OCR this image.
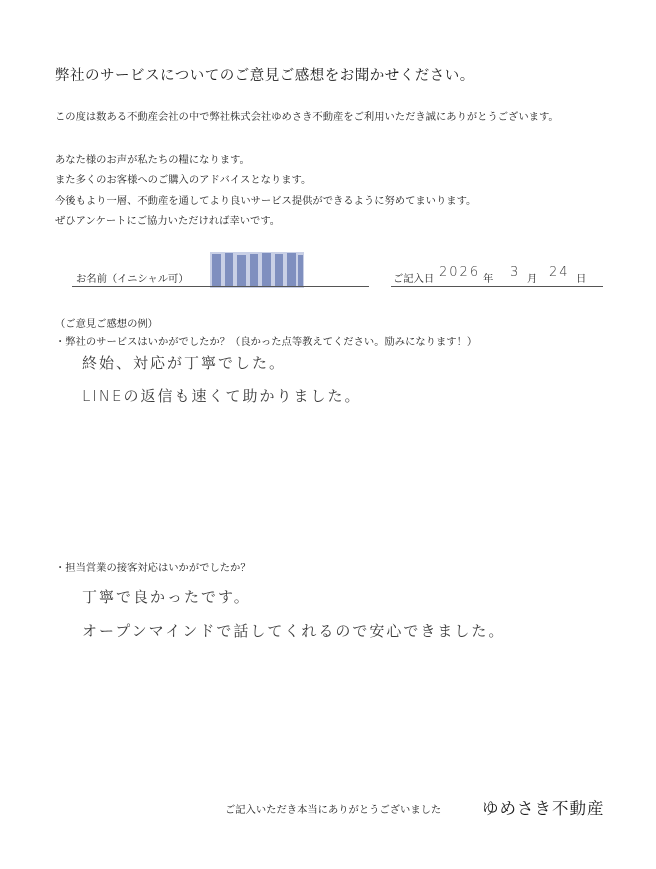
弊社のサービスについてのご意見ご感想をお聞かせください。
この度は数ある不動産会社の中で弊社株式会社ゆめさき不動産をご利用いただき誠にありがとうございます。
あなた様のお声が私たちの糧になります。
また多くのお客様へのご購入のアドバイスとなります。
今後もより一層、不動産を通してより良いサービス提供ができるように努めてまいります。
ぜひアンケートにご協力いただければ幸いです。
お名前（イニシャル可）	ご記入日 2026 年 3 月 24 日
（ご意見ご感想の例）
・弊社のサービスはいかがでしたか？（良かった点等教えてください。励みになります！）
終始、対応が丁寧でした。
LINEの返信も速くて助かりました。
・担当営業の接客対応はいかがでしたか？
丁寧で良かったです。
オープンマインドで話してくれるので安心できました。
ご記入いただき本当にありがとうございました ゆめさき不動産
